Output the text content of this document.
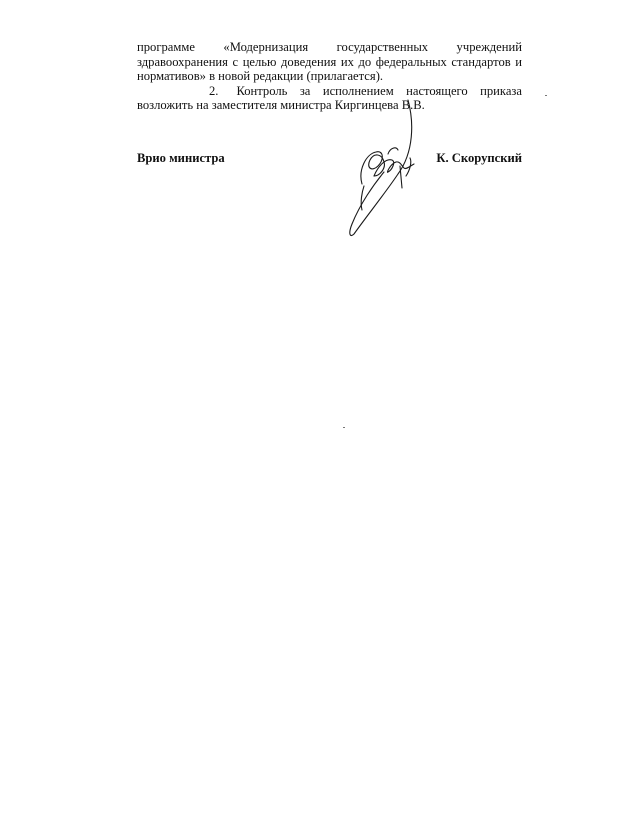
программе «Модернизация государственных учреждений здравоохранения с целью доведения их до федеральных стандартов и нормативов» в новой редакции (прилагается).

2. Контроль за исполнением настоящего приказа возложить на заместителя министра Киргинцева В.В.

Врио министра	К. Скорупский
